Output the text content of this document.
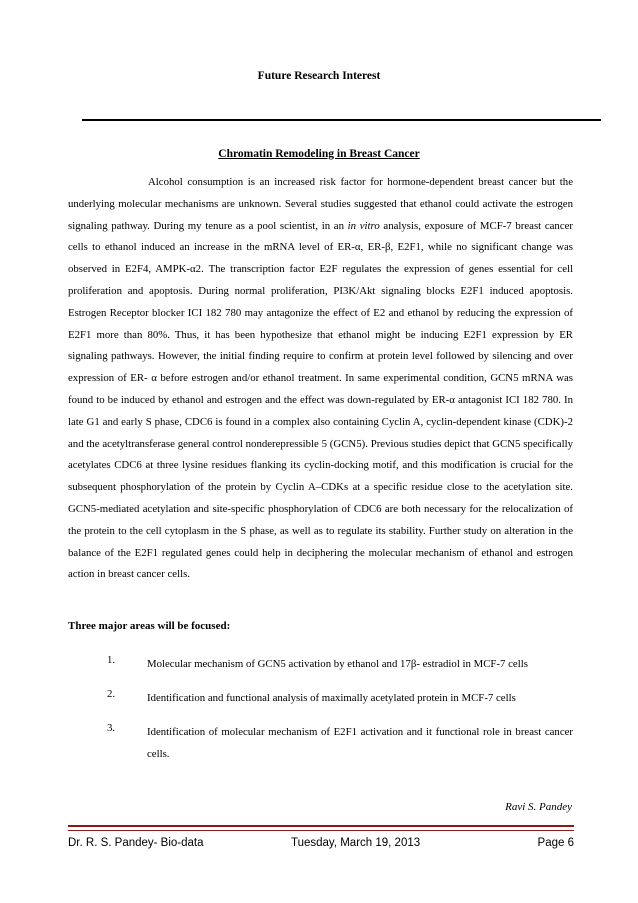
Future Research Interest
Chromatin Remodeling in Breast Cancer

Alcohol consumption is an increased risk factor for hormone-dependent breast cancer but the underlying molecular mechanisms are unknown. Several studies suggested that ethanol could activate the estrogen signaling pathway. During my tenure as a pool scientist, in an in vitro analysis, exposure of MCF-7 breast cancer cells to ethanol induced an increase in the mRNA level of ER-α, ER-β, E2F1, while no significant change was observed in E2F4, AMPK-α2. The transcription factor E2F regulates the expression of genes essential for cell proliferation and apoptosis. During normal proliferation, PI3K/Akt signaling blocks E2F1 induced apoptosis. Estrogen Receptor blocker ICI 182 780 may antagonize the effect of E2 and ethanol by reducing the expression of E2F1 more than 80%. Thus, it has been hypothesize that ethanol might be inducing E2F1 expression by ER signaling pathways. However, the initial finding require to confirm at protein level followed by silencing and over expression of ER- α before estrogen and/or ethanol treatment. In same experimental condition, GCN5 mRNA was found to be induced by ethanol and estrogen and the effect was down-regulated by ER-α antagonist ICI 182 780. In late G1 and early S phase, CDC6 is found in a complex also containing Cyclin A, cyclin-dependent kinase (CDK)-2 and the acetyltransferase general control nonderepressible 5 (GCN5). Previous studies depict that GCN5 specifically acetylates CDC6 at three lysine residues flanking its cyclin-docking motif, and this modification is crucial for the subsequent phosphorylation of the protein by Cyclin A–CDKs at a specific residue close to the acetylation site. GCN5-mediated acetylation and site-specific phosphorylation of CDC6 are both necessary for the relocalization of the protein to the cell cytoplasm in the S phase, as well as to regulate its stability. Further study on alteration in the balance of the E2F1 regulated genes could help in deciphering the molecular mechanism of ethanol and estrogen action in breast cancer cells.

Three major areas will be focused:
1.	Molecular mechanism of GCN5 activation by ethanol and 17β- estradiol in MCF-7 cells
2.	Identification and functional analysis of maximally acetylated protein in MCF-7 cells
3.	Identification of molecular mechanism of E2F1 activation and it functional role in breast cancer cells.
Ravi S. Pandey
Dr. R. S. Pandey- Bio-data	Tuesday, March 19, 2013	Page 6
